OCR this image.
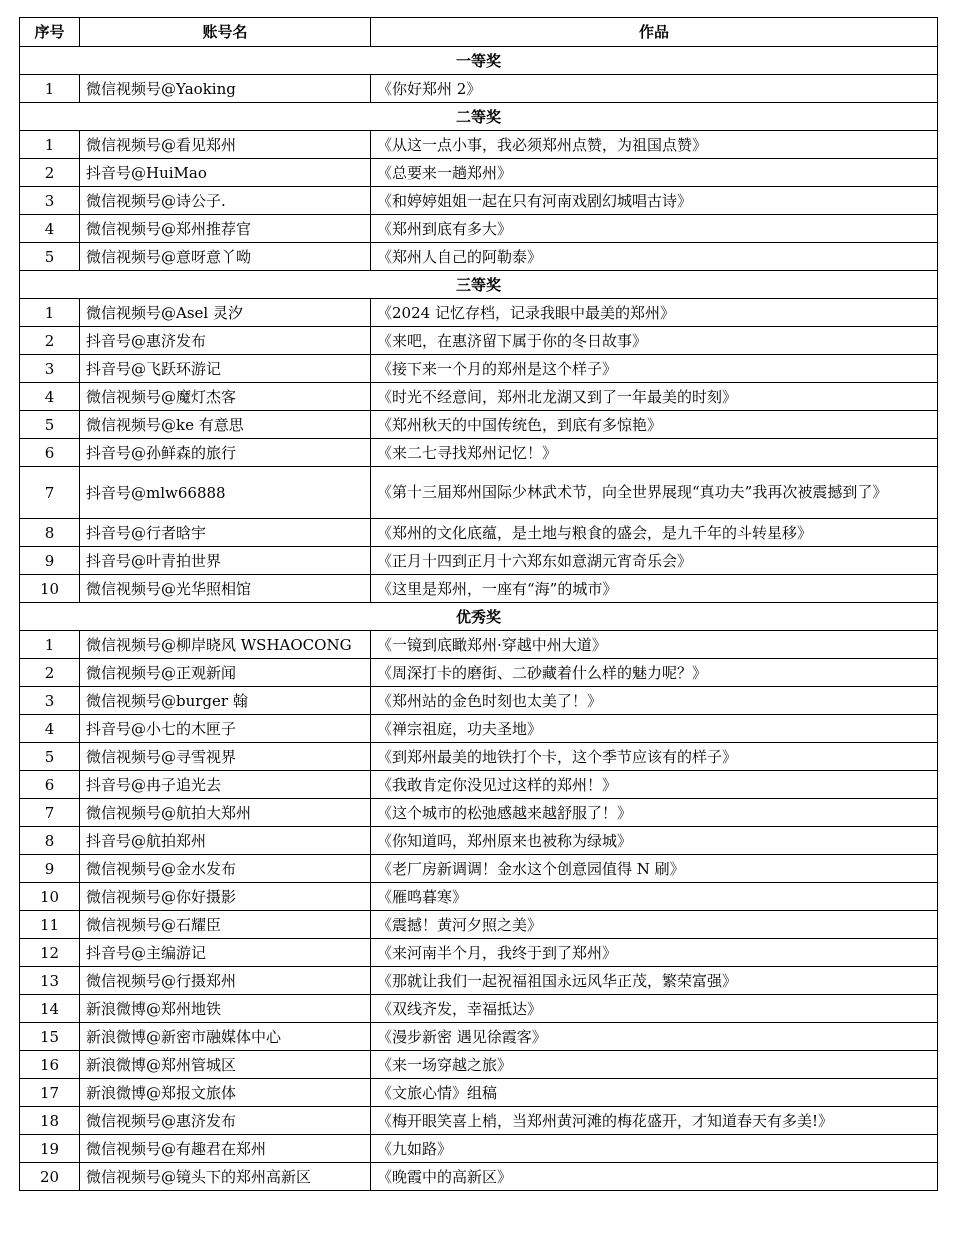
序号	账号名	作品
一等奖		
1	微信视频号@Yaoking	《你好郑州 2》
二等奖		
1	微信视频号@看见郑州	《从这一点小事，我必须郑州点赞，为祖国点赞》
2	抖音号@HuiMao	《总要来一趟郑州》
3	微信视频号@诗公子.	《和婷婷姐姐一起在只有河南戏剧幻城唱古诗》
4	微信视频号@郑州推荐官	《郑州到底有多大》
5	微信视频号@意呀意丫呦	《郑州人自己的阿勒泰》
三等奖		
1	微信视频号@Asel 灵汐	《2024 记忆存档，记录我眼中最美的郑州》
2	抖音号@惠济发布	《来吧，在惠济留下属于你的冬日故事》
3	抖音号@飞跃环游记	《接下来一个月的郑州是这个样子》
4	微信视频号@魔灯杰客	《时光不经意间，郑州北龙湖又到了一年最美的时刻》
5	微信视频号@ke 有意思	《郑州秋天的中国传统色，到底有多惊艳》
6	抖音号@孙鲜森的旅行	《来二七寻找郑州记忆！》
7	抖音号@mlw66888	《第十三届郑州国际少林武术节，向全世界展现“真功夫”我再次被震撼到了》
8	抖音号@行者晗宇	《郑州的文化底蕴，是土地与粮食的盛会，是九千年的斗转星移》
9	抖音号@叶青拍世界	《正月十四到正月十六郑东如意湖元宵奇乐会》
10	微信视频号@光华照相馆	《这里是郑州，一座有“海”的城市》
优秀奖		
1	微信视频号@柳岸晓风 WSHAOCONG	《一镜到底瞰郑州·穿越中州大道》
2	微信视频号@正观新闻	《周深打卡的磨街、二砂藏着什么样的魅力呢？》
3	微信视频号@burger 翰	《郑州站的金色时刻也太美了！》
4	抖音号@小七的木匣子	《禅宗祖庭，功夫圣地》
5	微信视频号@寻雪视界	《到郑州最美的地铁打个卡，这个季节应该有的样子》
6	抖音号@冉子追光去	《我敢肯定你没见过这样的郑州！》
7	微信视频号@航拍大郑州	《这个城市的松弛感越来越舒服了！》
8	抖音号@航拍郑州	《你知道吗，郑州原来也被称为绿城》
9	微信视频号@金水发布	《老厂房新调调！金水这个创意园值得 N 刷》
10	微信视频号@你好摄影	《雁鸣暮寒》
11	微信视频号@石耀臣	《震撼！黄河夕照之美》
12	抖音号@主编游记	《来河南半个月，我终于到了郑州》
13	微信视频号@行摄郑州	《那就让我们一起祝福祖国永远风华正茂，繁荣富强》
14	新浪微博@郑州地铁	《双线齐发，幸福抵达》
15	新浪微博@新密市融媒体中心	《漫步新密 遇见徐霞客》
16	新浪微博@郑州管城区	《来一场穿越之旅》
17	新浪微博@郑报文旅体	《文旅心情》组稿
18	微信视频号@惠济发布	《梅开眼笑喜上梢，当郑州黄河滩的梅花盛开，才知道春天有多美!》
19	微信视频号@有趣君在郑州	《九如路》
20	微信视频号@镜头下的郑州高新区	《晚霞中的高新区》
